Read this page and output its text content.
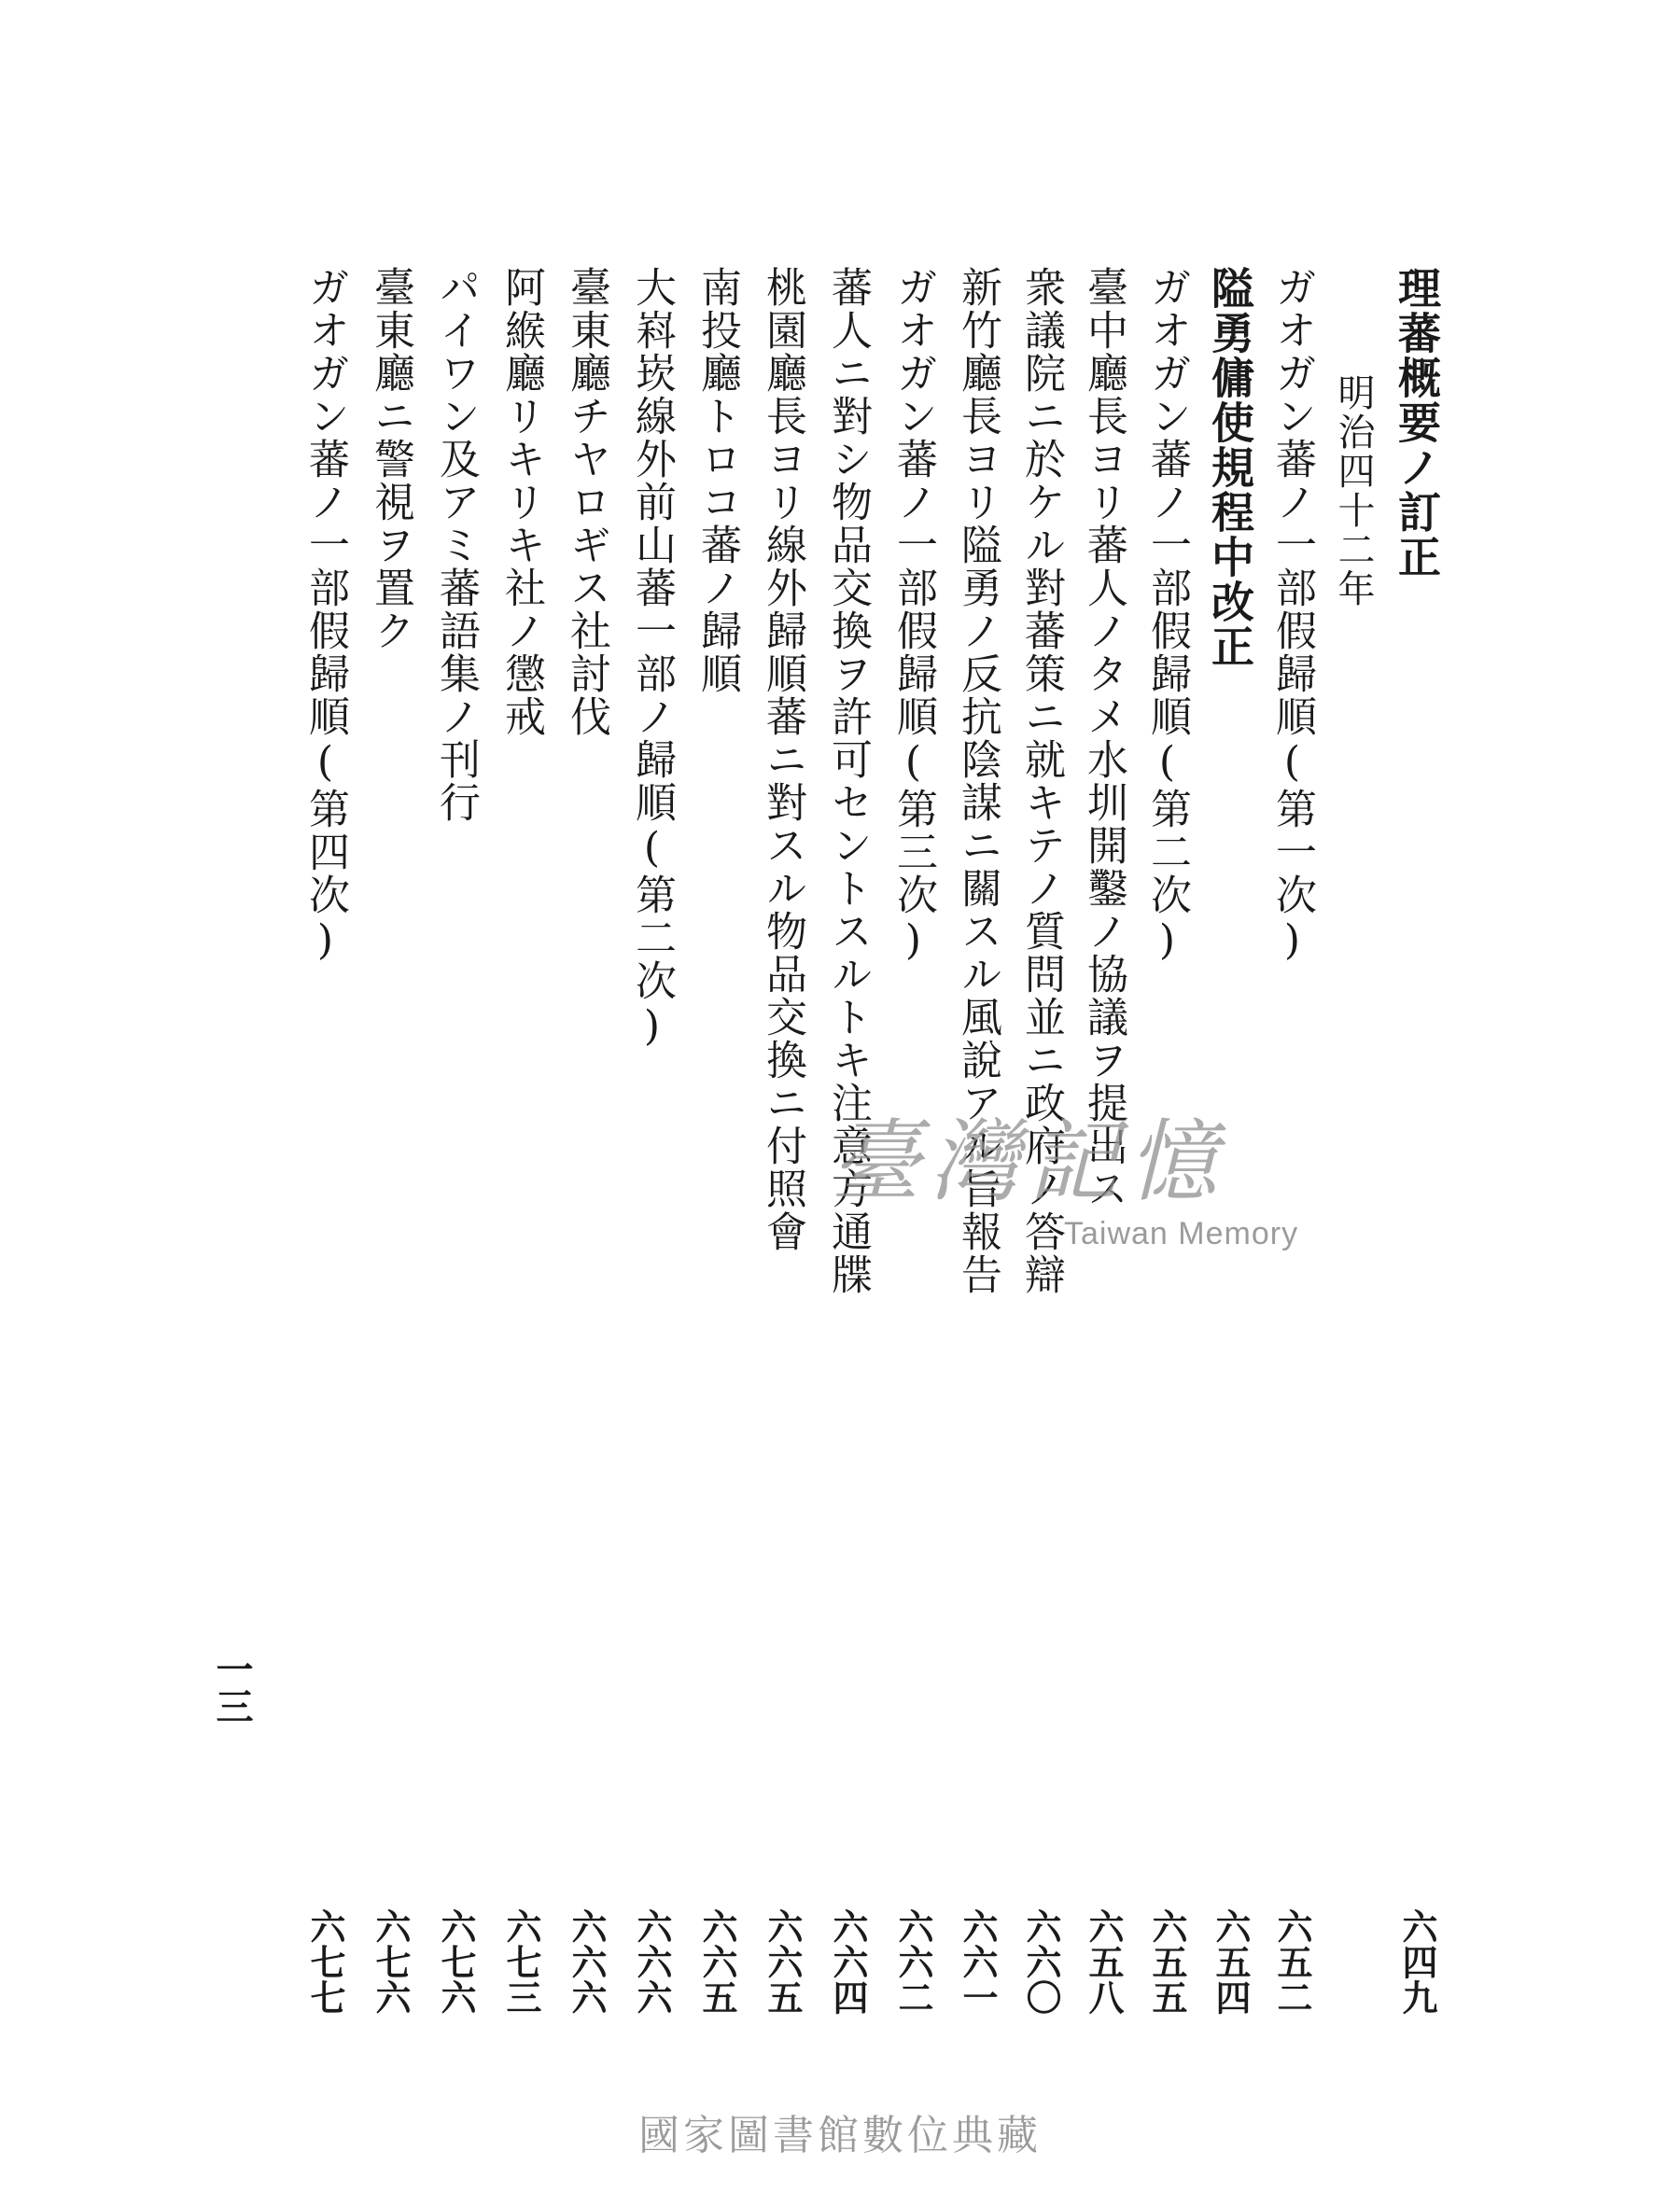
理蕃概要ノ訂正
六四九
明治四十二年
ガオガン蕃ノ一部假歸順(第一次)
六五二
隘勇傭使規程中改正
六五四
ガオガン蕃ノ一部假歸順(第二次)
六五五
臺中廳長ヨリ蕃人ノタメ水圳開鑿ノ協議ヲ提出ス
六五八
衆議院ニ於ケル對蕃策ニ就キテノ質問並ニ政府ノ答辯
六六〇
新竹廳長ヨリ隘勇ノ反抗陰謀ニ關スル風說アル旨報告
六六一
ガオガン蕃ノ一部假歸順(第三次)
六六二
蕃人ニ對シ物品交換ヲ許可セントスルトキ注意方通牒
六六四
桃園廳長ヨリ線外歸順蕃ニ對スル物品交換ニ付照會
六六五
南投廳トロコ蕃ノ歸順
六六五
大嵙崁線外前山蕃一部ノ歸順(第二次)
六六六
臺東廳チヤロギス社討伐
六六六
阿緱廳リキリキ社ノ懲戒
六七三
パイワン及アミ蕃語集ノ刊行
六七六
臺東廳ニ警視ヲ置ク
六七六
ガオガン蕃ノ一部假歸順(第四次)
六七七
一三
臺灣記憶
Taiwan Memory
國家圖書館數位典藏
